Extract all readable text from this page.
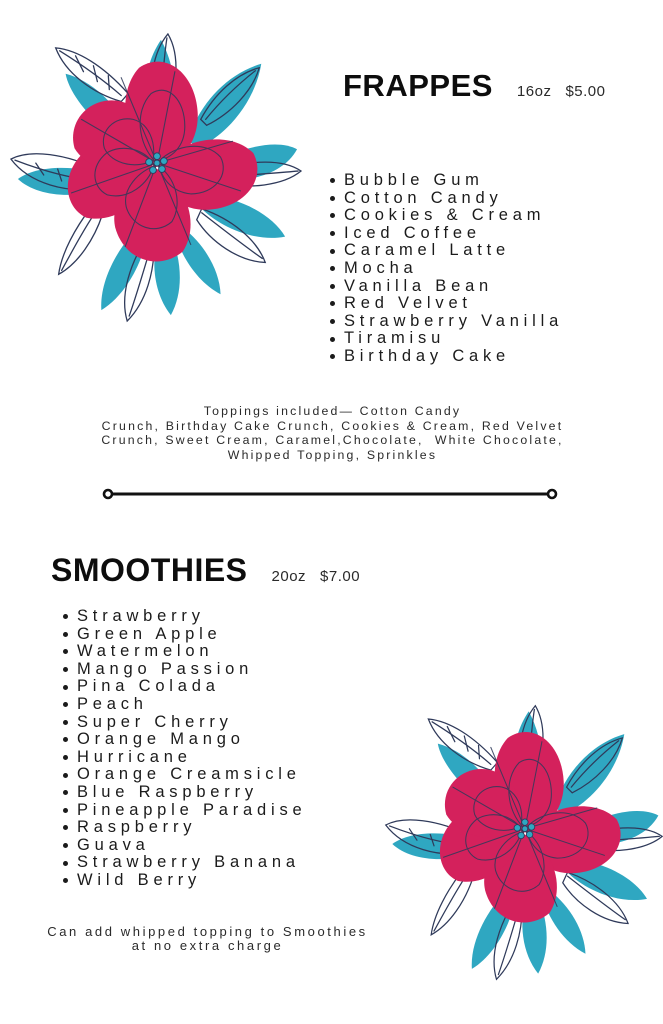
FRAPPES 16oz $5.00
Bubble Gum
Cotton Candy
Cookies & Cream
Iced Coffee
Caramel Latte
Mocha
Vanilla Bean
Red Velvet
Strawberry Vanilla
Tiramisu
Birthday Cake
Toppings included— Cotton Candy
Crunch, Birthday Cake Crunch, Cookies & Cream, Red Velvet
Crunch, Sweet Cream, Caramel,Chocolate,  White Chocolate,
Whipped Topping, Sprinkles
SMOOTHIES 20oz $7.00
Strawberry
Green Apple
Watermelon
Mango Passion
Pina Colada
Peach
Super Cherry
Orange Mango
Hurricane
Orange Creamsicle
Blue Raspberry
Pineapple Paradise
Raspberry
Guava
Strawberry Banana
Wild Berry
Can add whipped topping to Smoothies
at no extra charge
